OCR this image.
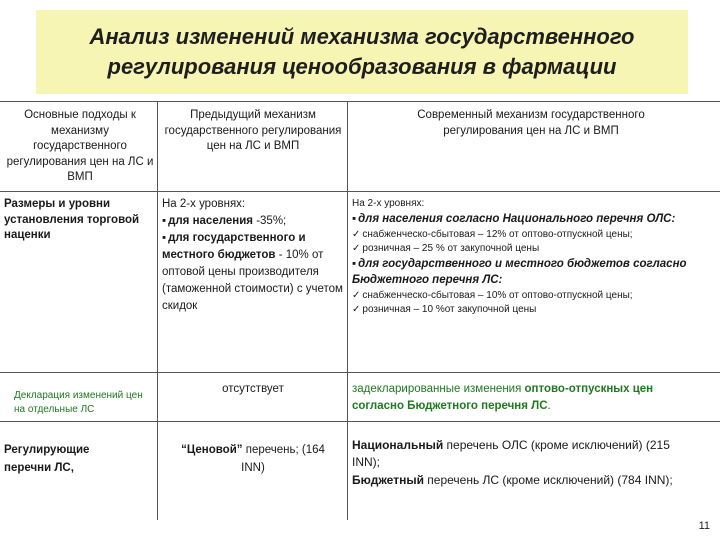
Анализ изменений механизма государственного
регулирования ценообразования в фармации
Основные подходы к механизму государственного регулирования цен на ЛС и ВМП
Предыдущий механизм государственного регулирования цен на ЛС и ВМП
Современный механизм государственного регулирования цен на ЛС и ВМП
Размеры и уровни установления торговой наценки
На 2-х уровнях:
▪ для населения -35%;
▪ для государственного и местного бюджетов - 10% от оптовой цены производителя (таможенной стоимости) с учетом скидок
На 2-х уровнях:
▪ для населения согласно Национального перечня ОЛС:
✓ снабженческо-сбытовая – 12% от оптово-отпускной цены;
✓ розничная – 25 % от закупочной цены
▪ для государственного и местного бюджетов согласно Бюджетного перечня ЛС:
✓ снабженческо-сбытовая – 10% от оптово-отпускной цены;
✓ розничная – 10 %от закупочной цены
Декларация изменений цен на отдельные ЛС
отсутствует	задекларированные изменения оптово-отпускных цен согласно Бюджетного перечня ЛС.
Регулирующие перечни ЛС,
“Ценовой” перечень; (164 INN)
Национальный перечень ОЛС (кроме исключений) (215 INN);
Бюджетный перечень ЛС (кроме исключений) (784 INN);
11
